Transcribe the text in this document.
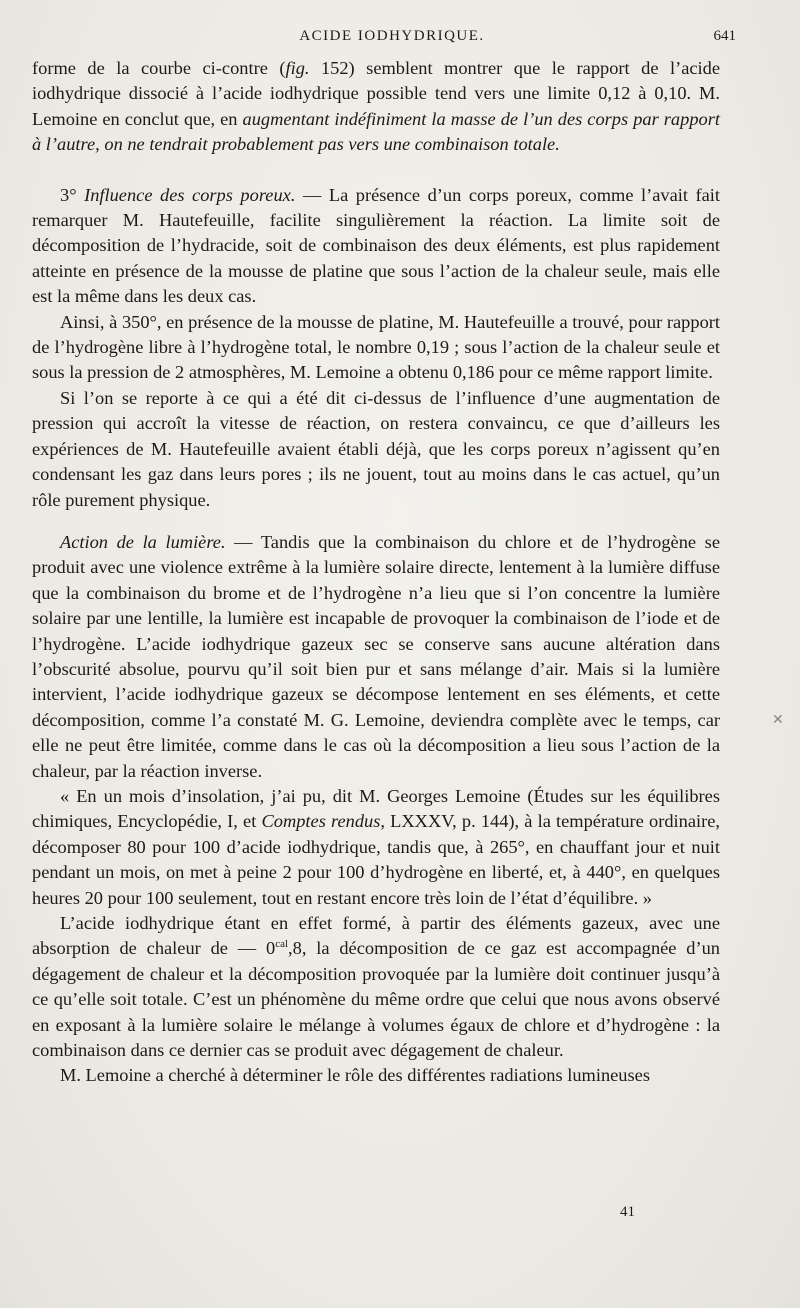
ACIDE IODHYDRIQUE.	641

forme de la courbe ci-contre (fig. 152) semblent montrer que le rapport de l’acide iodhydrique dissocié à l’acide iodhydrique possible tend vers une limite 0,12 à 0,10. M. Lemoine en conclut que, en augmentant indéfiniment la masse de l’un des corps par rapport à l’autre, on ne tendrait probablement pas vers une combinaison totale.

3° Influence des corps poreux. — La présence d’un corps poreux, comme l’avait fait remarquer M. Hautefeuille, facilite singulièrement la réaction. La limite soit de décomposition de l’hydracide, soit de combinaison des deux éléments, est plus rapidement atteinte en présence de la mousse de platine que sous l’action de la chaleur seule, mais elle est la même dans les deux cas.

Ainsi, à 350°, en présence de la mousse de platine, M. Hautefeuille a trouvé, pour rapport de l’hydrogène libre à l’hydrogène total, le nombre 0,19 ; sous l’action de la chaleur seule et sous la pression de 2 atmosphères, M. Lemoine a obtenu 0,186 pour ce même rapport limite.

Si l’on se reporte à ce qui a été dit ci-dessus de l’influence d’une augmentation de pression qui accroît la vitesse de réaction, on restera convaincu, ce que d’ailleurs les expériences de M. Hautefeuille avaient établi déjà, que les corps poreux n’agissent qu’en condensant les gaz dans leurs pores ; ils ne jouent, tout au moins dans le cas actuel, qu’un rôle purement physique.

Action de la lumière. — Tandis que la combinaison du chlore et de l’hydrogène se produit avec une violence extrême à la lumière solaire directe, lentement à la lumière diffuse que la combinaison du brome et de l’hydrogène n’a lieu que si l’on concentre la lumière solaire par une lentille, la lumière est incapable de provoquer la combinaison de l’iode et de l’hydrogène. L’acide iodhydrique gazeux sec se conserve sans aucune altération dans l’obscurité absolue, pourvu qu’il soit bien pur et sans mélange d’air. Mais si la lumière intervient, l’acide iodhydrique gazeux se décompose lentement en ses éléments, et cette décomposition, comme l’a constaté M. G. Lemoine, deviendra complète avec le temps, car elle ne peut être limitée, comme dans le cas où la décomposition a lieu sous l’action de la chaleur, par la réaction inverse.

« En un mois d’insolation, j’ai pu, dit M. Georges Lemoine (Études sur les équilibres chimiques, Encyclopédie, I, et Comptes rendus, LXXXV, p. 144), à la température ordinaire, décomposer 80 pour 100 d’acide iodhydrique, tandis que, à 265°, en chauffant jour et nuit pendant un mois, on met à peine 2 pour 100 d’hydrogène en liberté, et, à 440°, en quelques heures 20 pour 100 seulement, tout en restant encore très loin de l’état d’équilibre. »

L’acide iodhydrique étant en effet formé, à partir des éléments gazeux, avec une absorption de chaleur de — $0^{cal},8$, la décomposition de ce gaz est accompagnée d’un dégagement de chaleur et la décomposition provoquée par la lumière doit continuer jusqu’à ce qu’elle soit totale. C’est un phénomène du même ordre que celui que nous avons observé en exposant à la lumière solaire le mélange à volumes égaux de chlore et d’hydrogène : la combinaison dans ce dernier cas se produit avec dégagement de chaleur.

M. Lemoine a cherché à déterminer le rôle des différentes radiations lumineuses

41
✕
